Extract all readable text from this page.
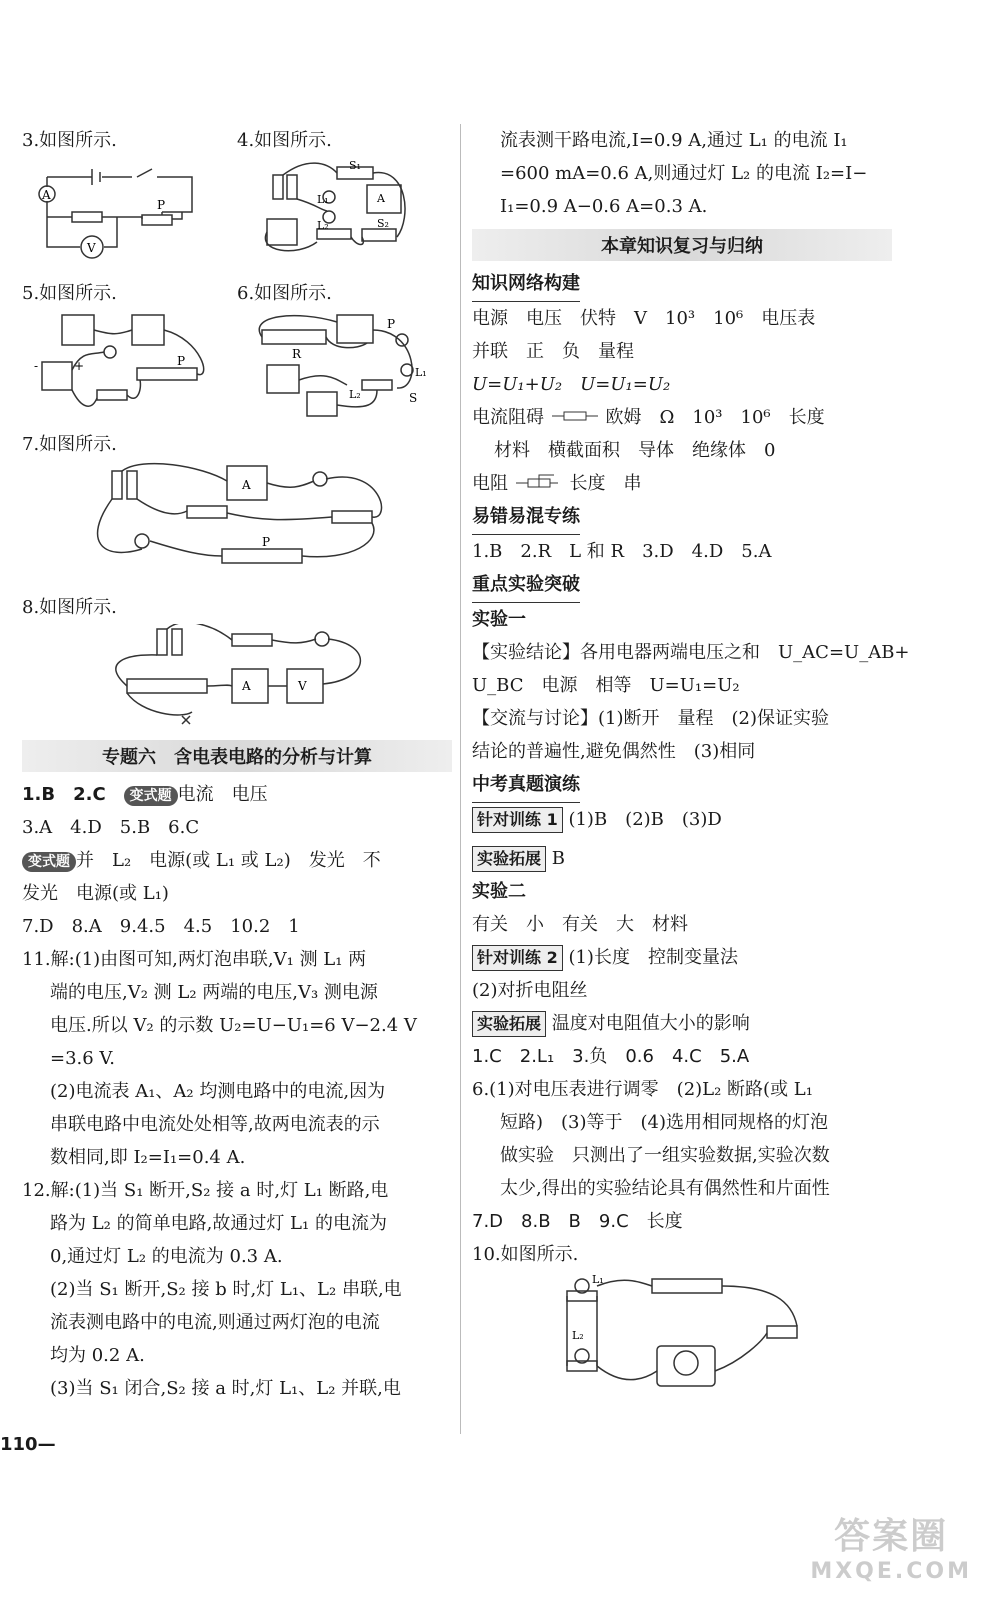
3.如图所示.	4.如图所示.
A
V
P
S₁
L₁
L₂	S₂
A
5.如图所示.	6.如图所示.
-	+	P	R
P
L₁
L₂	S
7.如图所示.
P
A
8.如图所示.
A	V
专题六　含电表电路的分析与计算
1.B　2.C　变式题 电流　电压
3.A　4.D　5.B　6.C
变式题 并　L₂　电源(或 L₁ 或 L₂)　发光　不
发光　电源(或 L₁)
7.D　8.A　9.4.5　4.5　10.2　1
11.解:(1)由图可知,两灯泡串联,V₁ 测 L₁ 两
端的电压,V₂ 测 L₂ 两端的电压,V₃ 测电源
电压.所以 V₂ 的示数 U₂=U−U₁=6 V−2.4 V
=3.6 V.
(2)电流表 A₁、A₂ 均测电路中的电流,因为
串联电路中电流处处相等,故两电流表的示
数相同,即 I₂=I₁=0.4 A.
12.解:(1)当 S₁ 断开,S₂ 接 a 时,灯 L₁ 断路,电
路为 L₂ 的简单电路,故通过灯 L₁ 的电流为
0,通过灯 L₂ 的电流为 0.3 A.
(2)当 S₁ 断开,S₂ 接 b 时,灯 L₁、L₂ 串联,电
流表测电路中的电流,则通过两灯泡的电流
均为 0.2 A.
(3)当 S₁ 闭合,S₂ 接 a 时,灯 L₁、L₂ 并联,电
110—
流表测干路电流,I=0.9 A,通过 L₁ 的电流 I₁
=600 mA=0.6 A,则通过灯 L₂ 的电流 I₂=I−
I₁=0.9 A−0.6 A=0.3 A.
本章知识复习与归纳
知识网络构建
电源　电压　伏特　V　10³　10⁶　电压表
并联　正　负　量程
U=U₁+U₂　U=U₁=U₂
电流阻碍	欧姆　Ω　10³　10⁶　长度
材料　横截面积　导体　绝缘体　0
电阻	长度　串
易错易混专练
1.B　2.R　L 和 R　3.D　4.D　5.A
重点实验突破
实验一
【实验结论】各用电器两端电压之和　U_AC=U_AB+
U_BC　电源　相等　U=U₁=U₂
【交流与讨论】(1)断开　量程　(2)保证实验
结论的普遍性,避免偶然性　(3)相同
中考真题演练
针对训练 1 (1)B　(2)B　(3)D
实验拓展 B
实验二
有关　小　有关　大　材料
针对训练 2 (1)长度　控制变量法
(2)对折电阻丝
实验拓展 温度对电阻值大小的影响
1.C　2.L₁　3.负　0.6　4.C　5.A
6.(1)对电压表进行调零　(2)L₂ 断路(或 L₁
短路)　(3)等于　(4)选用相同规格的灯泡
做实验　只测出了一组实验数据,实验次数
太少,得出的实验结论具有偶然性和片面性
7.D　8.B　B　9.C　长度
10.如图所示.
L₁
L₂
答案圈
MXQE.COM
